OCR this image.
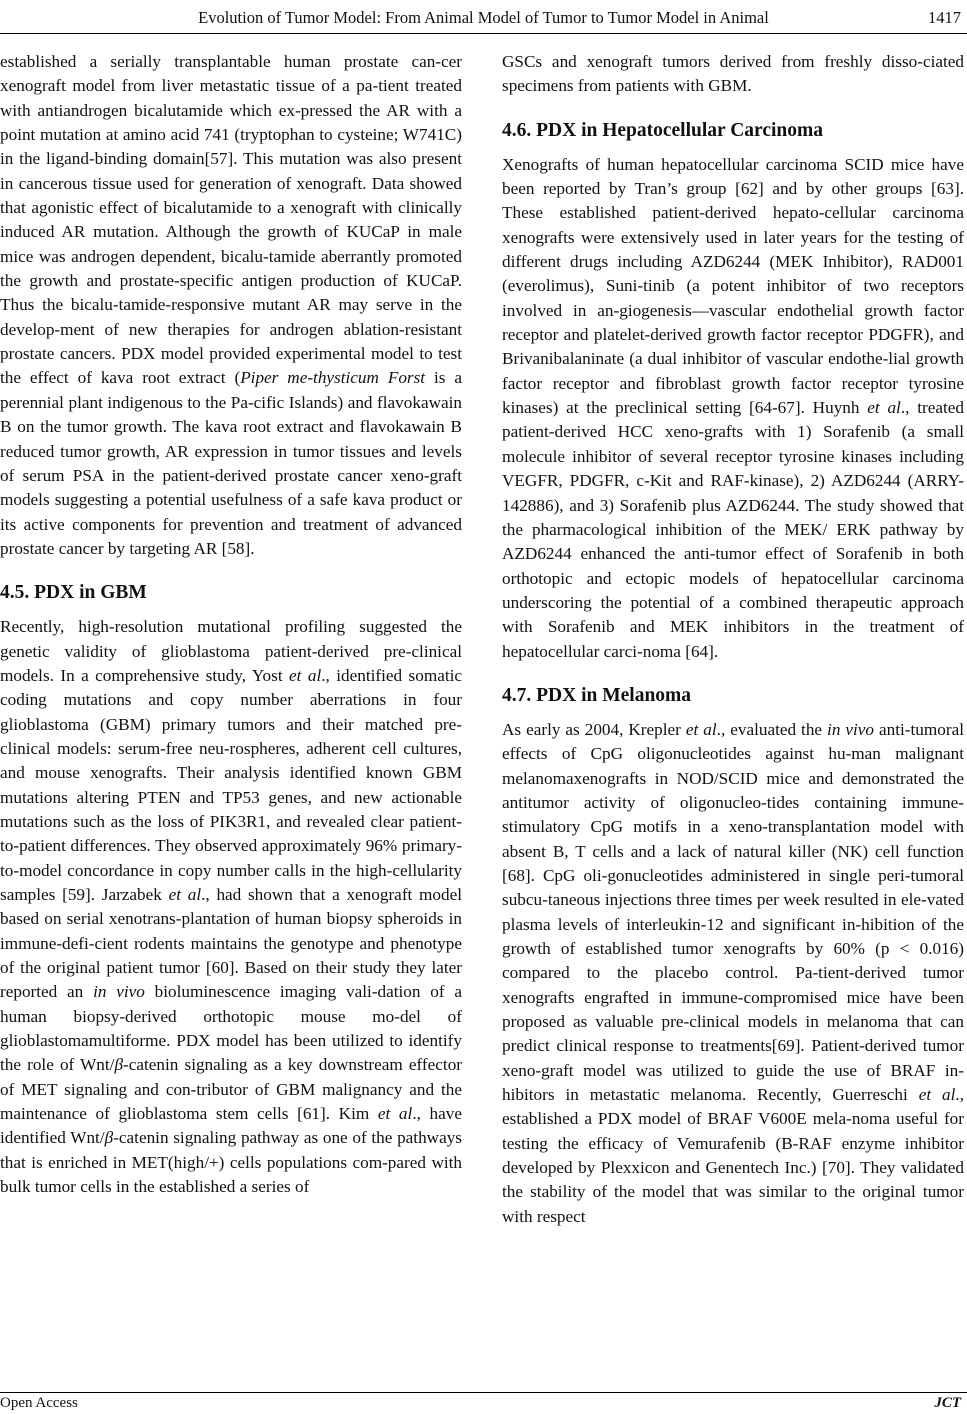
Evolution of Tumor Model: From Animal Model of Tumor to Tumor Model in Animal	1417

established a serially transplantable human prostate can-cer xenograft model from liver metastatic tissue of a pa-tient treated with antiandrogen bicalutamide which ex-pressed the AR with a point mutation at amino acid 741 (tryptophan to cysteine; W741C) in the ligand-binding domain[57]. This mutation was also present in cancerous tissue used for generation of xenograft. Data showed that agonistic effect of bicalutamide to a xenograft with clinically induced AR mutation. Although the growth of KUCaP in male mice was androgen dependent, bicalu-tamide aberrantly promoted the growth and prostate-specific antigen production of KUCaP. Thus the bicalu-tamide-responsive mutant AR may serve in the develop-ment of new therapies for androgen ablation-resistant prostate cancers. PDX model provided experimental model to test the effect of kava root extract (Piper me-thysticum Forst is a perennial plant indigenous to the Pa-cific Islands) and flavokawain B on the tumor growth. The kava root extract and flavokawain B reduced tumor growth, AR expression in tumor tissues and levels of serum PSA in the patient-derived prostate cancer xeno-graft models suggesting a potential usefulness of a safe kava product or its active components for prevention and treatment of advanced prostate cancer by targeting AR [58].

4.5. PDX in GBM

Recently, high-resolution mutational profiling suggested the genetic validity of glioblastoma patient-derived pre-clinical models. In a comprehensive study, Yost et al., identified somatic coding mutations and copy number aberrations in four glioblastoma (GBM) primary tumors and their matched pre-clinical models: serum-free neu-rospheres, adherent cell cultures, and mouse xenografts. Their analysis identified known GBM mutations altering PTEN and TP53 genes, and new actionable mutations such as the loss of PIK3R1, and revealed clear patient-to-patient differences. They observed approximately 96% primary-to-model concordance in copy number calls in the high-cellularity samples [59]. Jarzabek et al., had shown that a xenograft model based on serial xenotrans-plantation of human biopsy spheroids in immune-defi-cient rodents maintains the genotype and phenotype of the original patient tumor [60]. Based on their study they later reported an in vivo bioluminescence imaging vali-dation of a human biopsy-derived orthotopic mouse mo-del of glioblastomamultiforme. PDX model has been utilized to identify the role of Wnt/β-catenin signaling as a key downstream effector of MET signaling and con-tributor of GBM malignancy and the maintenance of glioblastoma stem cells [61]. Kim et al., have identified Wnt/β-catenin signaling pathway as one of the pathways that is enriched in MET(high/+) cells populations com-pared with bulk tumor cells in the established a series of

GSCs and xenograft tumors derived from freshly disso-ciated specimens from patients with GBM.

4.6. PDX in Hepatocellular Carcinoma

Xenografts of human hepatocellular carcinoma SCID mice have been reported by Tran’s group [62] and by other groups [63]. These established patient-derived hepato-cellular carcinoma xenografts were extensively used in later years for the testing of different drugs including AZD6244 (MEK Inhibitor), RAD001 (everolimus), Suni-tinib (a potent inhibitor of two receptors involved in an-giogenesis—vascular endothelial growth factor receptor and platelet-derived growth factor receptor PDGFR), and Brivanibalaninate (a dual inhibitor of vascular endothe-lial growth factor receptor and fibroblast growth factor receptor tyrosine kinases) at the preclinical setting [64-67]. Huynh et al., treated patient-derived HCC xeno-grafts with 1) Sorafenib (a small molecule inhibitor of several receptor tyrosine kinases including VEGFR, PDGFR, c-Kit and RAF-kinase), 2) AZD6244 (ARRY-142886), and 3) Sorafenib plus AZD6244. The study showed that the pharmacological inhibition of the MEK/ ERK pathway by AZD6244 enhanced the anti-tumor effect of Sorafenib in both orthotopic and ectopic models of hepatocellular carcinoma underscoring the potential of a combined therapeutic approach with Sorafenib and MEK inhibitors in the treatment of hepatocellular carci-noma [64].

4.7. PDX in Melanoma

As early as 2004, Krepler et al., evaluated the in vivo anti-tumoral effects of CpG oligonucleotides against hu-man malignant melanomaxenografts in NOD/SCID mice and demonstrated the antitumor activity of oligonucleo-tides containing immune-stimulatory CpG motifs in a xeno-transplantation model with absent B, T cells and a lack of natural killer (NK) cell function [68]. CpG oli-gonucleotides administered in single peri-tumoral subcu-taneous injections three times per week resulted in ele-vated plasma levels of interleukin-12 and significant in-hibition of the growth of established tumor xenografts by 60% (p < 0.016) compared to the placebo control. Pa-tient-derived tumor xenografts engrafted in immune-compromised mice have been proposed as valuable pre-clinical models in melanoma that can predict clinical response to treatments[69]. Patient-derived tumor xeno-graft model was utilized to guide the use of BRAF in-hibitors in metastatic melanoma. Recently, Guerreschi et al., established a PDX model of BRAF V600E mela-noma useful for testing the efficacy of Vemurafenib (B-RAF enzyme inhibitor developed by Plexxicon and Genentech Inc.) [70]. They validated the stability of the model that was similar to the original tumor with respect

Open Access	JCT
